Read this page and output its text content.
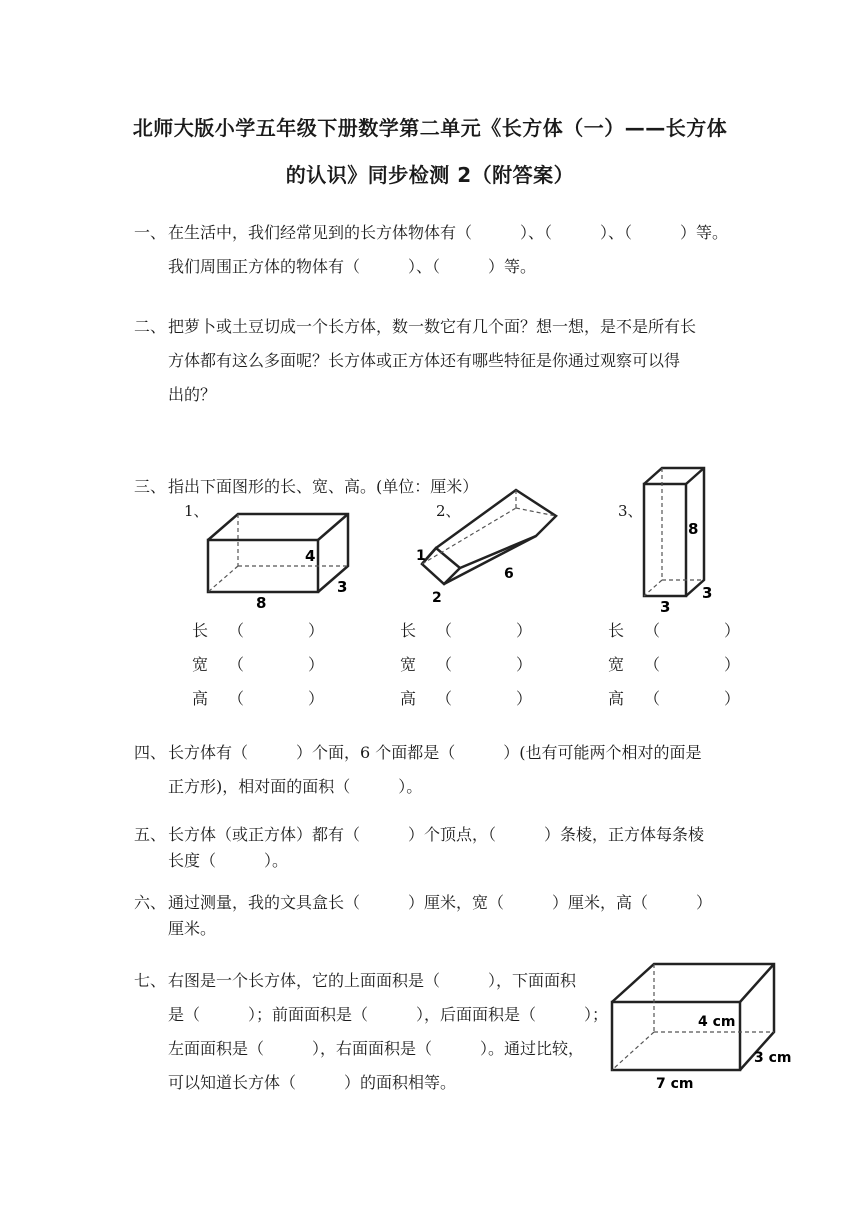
北师大版小学五年级下册数学第二单元《长方体（一）——长方体
的认识》同步检测 2（附答案）
一、 在生活中，我们经常见到的长方体物体有（　　　）、（　　　）、（　　　）等。
我们周围正方体的物体有（　　　）、（　　　）等。
二、 把萝卜或土豆切成一个长方体，数一数它有几个面？想一想，是不是所有长
方体都有这么多面呢？长方体或正方体还有哪些特征是你通过观察可以得
出的？
三、 指出下面图形的长、宽、高。(单位：厘米）
1、	2、	3、
4
3
8
1
6
2
8
3
3
长 （　　　　）
宽 （　　　　）
高 （　　　　）
长 （　　　　）
宽 （　　　　）
高 （　　　　）
长 （　　　　）
宽 （　　　　）
高 （　　　　）
四、 长方体有（　　　）个面，6 个面都是（　　　）(也有可能两个相对的面是
正方形)，相对面的面积（　　　）。
五、 长方体（或正方体）都有（　　　）个顶点，（　　　）条棱，正方体每条棱
长度（　　　）。
六、 通过测量，我的文具盒长（　　　）厘米，宽（　　　）厘米，高（　　　）
厘米。
七、 右图是一个长方体，它的上面面积是（　　　），下面面积
是（　　　）；前面面积是（　　　），后面面积是（　　　）；
左面面积是（　　　），右面面积是（　　　）。通过比较，
可以知道长方体（　　　）的面积相等。
4 cm
3 cm
7 cm
